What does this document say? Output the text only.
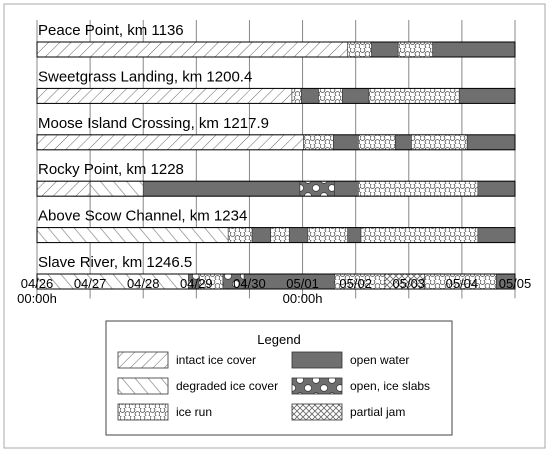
Peace Point, km 1136
Sweetgrass Landing, km 1200.4
Moose Island Crossing, km 1217.9
Rocky Point, km 1228
Above Scow Channel, km 1234
Slave River, km 1246.5
04/26
00:00h
04/27 04/28 04/29 04/30 05/01
00:00h
05/02 05/03 05/04 05/05
Legend
intact ice cover	open water
degraded ice cover	open, ice slabs
ice run	partial jam
